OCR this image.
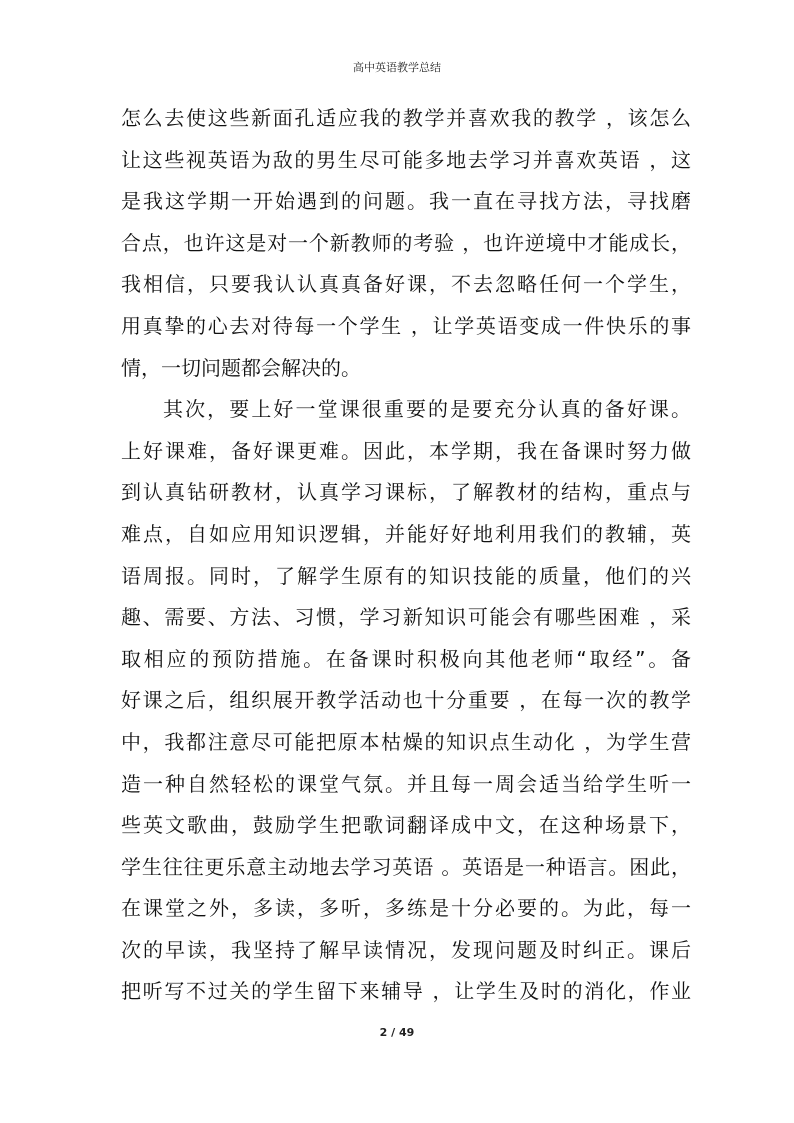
高中英语教学总结
怎么去使这些新面孔适应我的教学并喜欢我的教学 ，该怎么
让这些视英语为敌的男生尽可能多地去学习并喜欢英语 ，这
是我这学期一开始遇到的问题。我一直在寻找方法，寻找磨
合点，也许这是对一个新教师的考验 ，也许逆境中才能成长，
我相信，只要我认认真真备好课，不去忽略任何一个学生，
用真挚的心去对待每一个学生 ，让学英语变成一件快乐的事
情，一切问题都会解决的。
其次，要上好一堂课很重要的是要充分认真的备好课。
上好课难，备好课更难。因此，本学期，我在备课时努力做
到认真钻研教材，认真学习课标，了解教材的结构，重点与
难点，自如应用知识逻辑，并能好好地利用我们的教辅，英
语周报。同时，了解学生原有的知识技能的质量，他们的兴
趣、需要、方法、习惯，学习新知识可能会有哪些困难 ，采
取相应的预防措施。在备课时积极向其他老师“取经”。备
好课之后，组织展开教学活动也十分重要 ，在每一次的教学
中，我都注意尽可能把原本枯燥的知识点生动化 ，为学生营
造一种自然轻松的课堂气氛。并且每一周会适当给学生听一
些英文歌曲，鼓励学生把歌词翻译成中文，在这种场景下，
学生往往更乐意主动地去学习英语 。英语是一种语言。困此，
在课堂之外，多读，多听，多练是十分必要的。为此，每一
次的早读，我坚持了解早读情况，发现问题及时纠正。课后
把听写不过关的学生留下来辅导 ，让学生及时的消化，作业
2 / 49
